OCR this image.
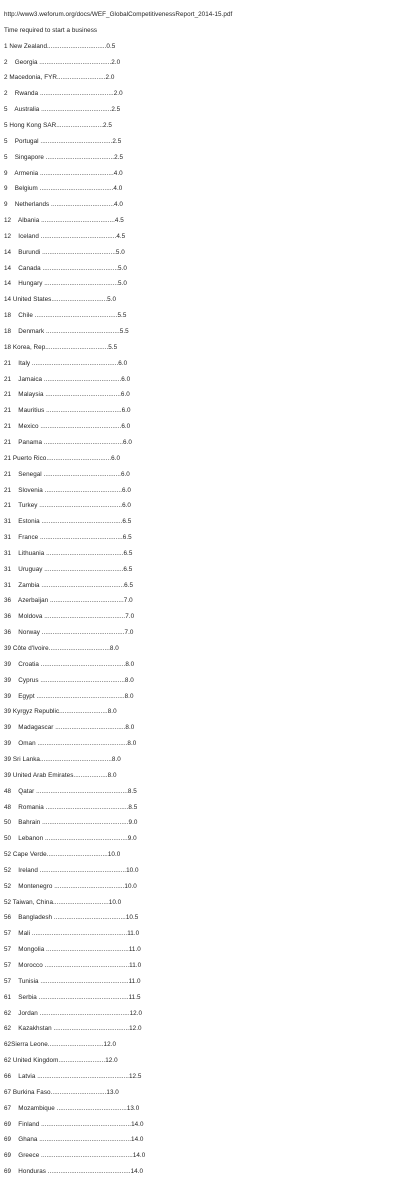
http://www3.weforum.org/docs/WEF_GlobalCompetitivenessReport_2014-15.pdf
Time required to start a business
1 New Zealand.................................0.5
2    Georgia ........................................2.0
2 Macedonia, FYR...........................2.0
2    Rwanda .........................................2.0
5    Australia .......................................2.5
5 Hong Kong SAR..........................2.5
5    Portugal ........................................2.5
5    Singapore ......................................2.5
9    Armenia .........................................4.0
9    Belgium .........................................4.0
9    Netherlands ...................................4.0
12    Albania .........................................4.5
12    Iceland ..........................................4.5
14    Burundi .........................................5.0
14    Canada ..........................................5.0
14    Hungary .........................................5.0
14 United States...............................5.0
18    Chile ..............................................5.5
18    Denmark .........................................5.5
18 Korea, Rep...................................5.5
21    Italy ................................................6.0
21    Jamaica ...........................................6.0
21    Malaysia ..........................................6.0
21    Mauritius ..........................................6.0
21    Mexico .............................................6.0
21    Panama ............................................6.0
21 Puerto Rico....................................6.0
21    Senegal ...........................................6.0
21    Slovenia ...........................................6.0
21    Turkey ..............................................6.0
31    Estonia .............................................6.5
31    France ..............................................6.5
31    Lithuania ...........................................6.5
31    Uruguay ............................................6.5
31    Zambia ..............................................6.5
36    Azerbaijan .........................................7.0
36    Moldova .............................................7.0
36    Norway ..............................................7.0
39 Côte d'Ivoire..................................8.0
39    Croatia ...............................................8.0
39    Cyprus ...............................................8.0
39    Egypt .................................................8.0
39 Kyrgyz Republic...........................8.0
39    Madagascar .......................................8.0
39    Oman ..................................................8.0
39 Sri Lanka........................................8.0
39 United Arab Emirates...................8.0
48    Qatar ...................................................8.5
48    Romania ..............................................8.5
50    Bahrain ................................................9.0
50    Lebanon ..............................................9.0
52 Cape Verde..................................10.0
52    Ireland ................................................10.0
52    Montenegro .......................................10.0
52 Taiwan, China...............................10.0
56    Bangladesh ........................................10.5
57    Mali .....................................................11.0
57    Mongolia ..............................................11.0
57    Morocco ...............................................11.0
57    Tunisia .................................................11.0
61    Serbia ..................................................11.5
62    Jordan ..................................................12.0
62    Kazakhstan ..........................................12.0
62Sierra Leone...............................12.0
62 United Kingdom..........................12.0
66    Latvia ...................................................12.5
67 Burkina Faso...............................13.0
67    Mozambique .......................................13.0
69    Finland ..................................................14.0
69    Ghana ...................................................14.0
69    Greece ...................................................14.0
69    Honduras ..............................................14.0
